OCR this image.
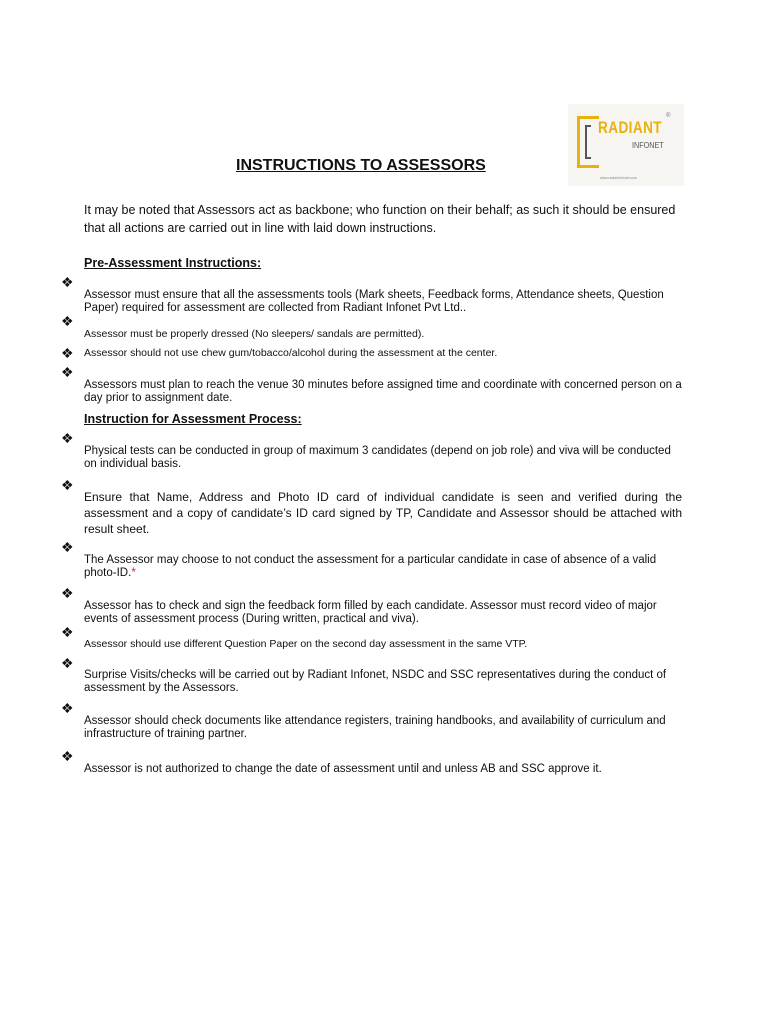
RADIANT
INFONET
®
www.radiantinfonet.com
INSTRUCTIONS TO ASSESSORS
It may be noted that Assessors act as backbone; who function on their behalf; as such it should be ensured that all actions are carried out in line with laid down instructions.
Pre-Assessment Instructions:
❖
Assessor must ensure that all the assessments tools (Mark sheets, Feedback forms, Attendance sheets, Question Paper) required for assessment are collected from Radiant Infonet Pvt Ltd..
❖
Assessor must be properly dressed (No sleepers/ sandals are permitted).
❖ Assessor should not use chew gum/tobacco/alcohol during the assessment at the center.
❖
Assessors must plan to reach the venue 30 minutes before assigned time and coordinate with concerned person on a day prior to assignment date.
Instruction for Assessment Process:
❖
Physical tests can be conducted in group of maximum 3 candidates (depend on job role) and viva will be conducted on individual basis.
❖
Ensure that Name, Address and Photo ID card of individual candidate is seen and verified during the assessment and a copy of candidate’s ID card signed by TP, Candidate and Assessor should be attached with result sheet.
❖
The Assessor may choose to not conduct the assessment for a particular candidate in case of absence of a valid photo-ID.*
❖
Assessor has to check and sign the feedback form filled by each candidate. Assessor must record video of major events of assessment process (During written, practical and viva).
❖
Assessor should use different Question Paper on the second day assessment in the same VTP.
❖
Surprise Visits/checks will be carried out by Radiant Infonet, NSDC and SSC representatives during the conduct of assessment by the Assessors.
❖
Assessor should check documents like attendance registers, training handbooks, and availability of curriculum and infrastructure of training partner.
❖
Assessor is not authorized to change the date of assessment until and unless AB and SSC approve it.
